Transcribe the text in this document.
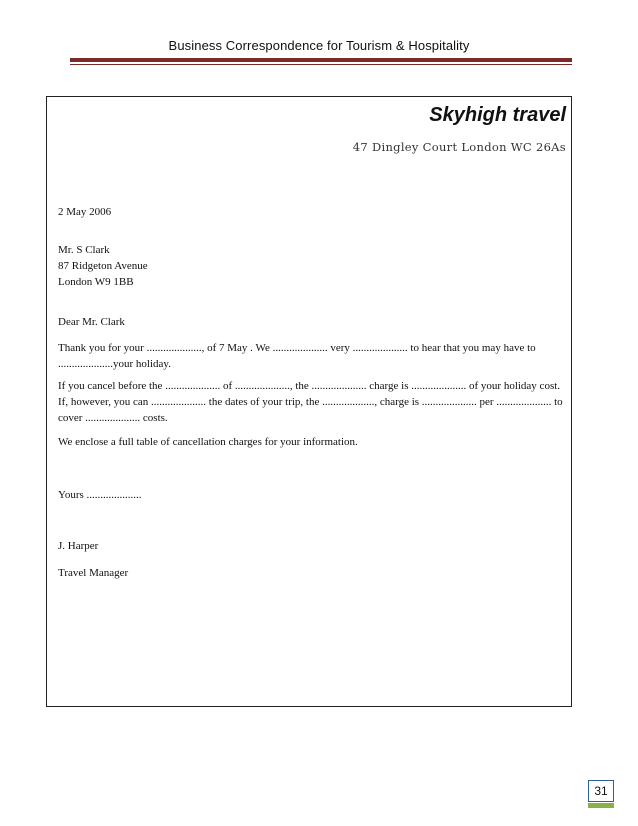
Business Correspondence for Tourism & Hospitality
Skyhigh travel
47 Dingley Court London WC 26As
2 May 2006
Mr. S Clark
87 Ridgeton Avenue
London W9 1BB
Dear Mr. Clark
Thank you for your ...................., of 7 May . We .................... very .................... to hear that you may have to ....................your holiday.
If you cancel before the .................... of ...................., the .................... charge is .................... of your holiday cost. If, however, you can .................... the dates of your trip, the ..................., charge is .................... per .................... to cover .................... costs.
We enclose a full table of cancellation charges for your information.
Yours ....................
J. Harper
Travel Manager
31
